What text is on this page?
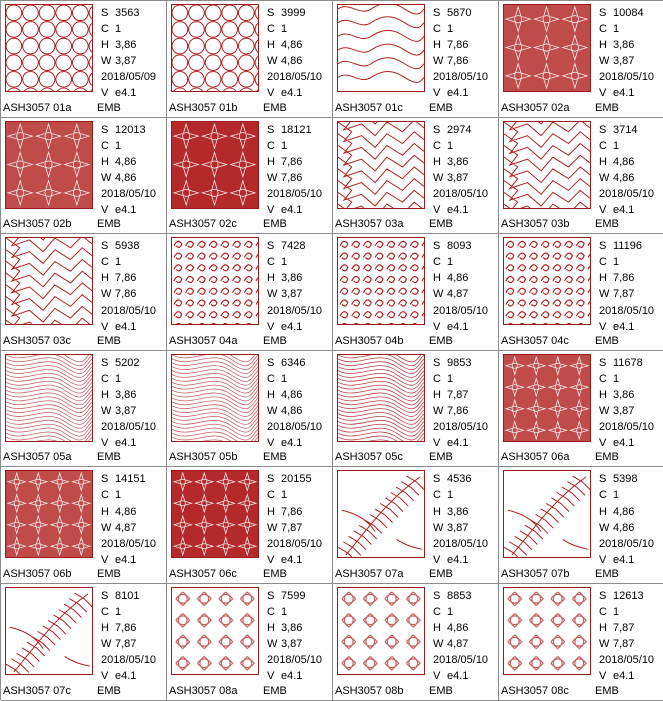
S 3563
C 1
H 3,86
W 3,87
2018/05/09
V e4.1
ASH3057 01a EMB
S 3999
C 1
H 4,86
W 4,86
2018/05/10
V e4.1
ASH3057 01b EMB
S 5870
C 1
H 7,86
W 7,86
2018/05/10
V e4.1
ASH3057 01c EMB
S 10084
C 1
H 3,86
W 3,87
2018/05/10
V e4.1
ASH3057 02a EMB
S 12013
C 1
H 4,86
W 4,86
2018/05/10
V e4.1
ASH3057 02b EMB
S 18121
C 1
H 7,86
W 7,86
2018/05/10
V e4.1
ASH3057 02c EMB
S 2974
C 1
H 3,86
W 3,87
2018/05/10
V e4.1
ASH3057 03a EMB
S 3714
C 1
H 4,86
W 4,86
2018/05/10
V e4.1
ASH3057 03b EMB
S 5938
C 1
H 7,86
W 7,86
2018/05/10
V e4.1
ASH3057 03c EMB
S 7428
C 1
H 3,86
W 3,87
2018/05/10
V e4.1
ASH3057 04a EMB
S 8093
C 1
H 4,86
W 4,87
2018/05/10
V e4.1
ASH3057 04b EMB
S 11196
C 1
H 7,86
W 7,87
2018/05/10
V e4.1
ASH3057 04c EMB
S 5202
C 1
H 3,86
W 3,87
2018/05/10
V e4.1
ASH3057 05a EMB
S 6346
C 1
H 4,86
W 4,86
2018/05/10
V e4.1
ASH3057 05b EMB
S 9853
C 1
H 7,87
W 7,86
2018/05/10
V e4.1
ASH3057 05c EMB
S 11678
C 1
H 3,86
W 3,87
2018/05/10
V e4.1
ASH3057 06a EMB
S 14151
C 1
H 4,86
W 4,87
2018/05/10
V e4.1
ASH3057 06b EMB
S 20155
C 1
H 7,86
W 7,87
2018/05/10
V e4.1
ASH3057 06c EMB
S 4536
C 1
H 3,86
W 3,87
2018/05/10
V e4.1
ASH3057 07a EMB
S 5398
C 1
H 4,86
W 4,86
2018/05/10
V e4.1
ASH3057 07b EMB
S 8101
C 1
H 7,86
W 7,87
2018/05/10
V e4.1
ASH3057 07c EMB
S 7599
C 1
H 3,86
W 3,87
2018/05/10
V e4.1
ASH3057 08a EMB
S 8853
C 1
H 4,86
W 4,87
2018/05/10
V e4.1
ASH3057 08b EMB
S 12613
C 1
H 7,87
W 7,87
2018/05/10
V e4.1
ASH3057 08c EMB
